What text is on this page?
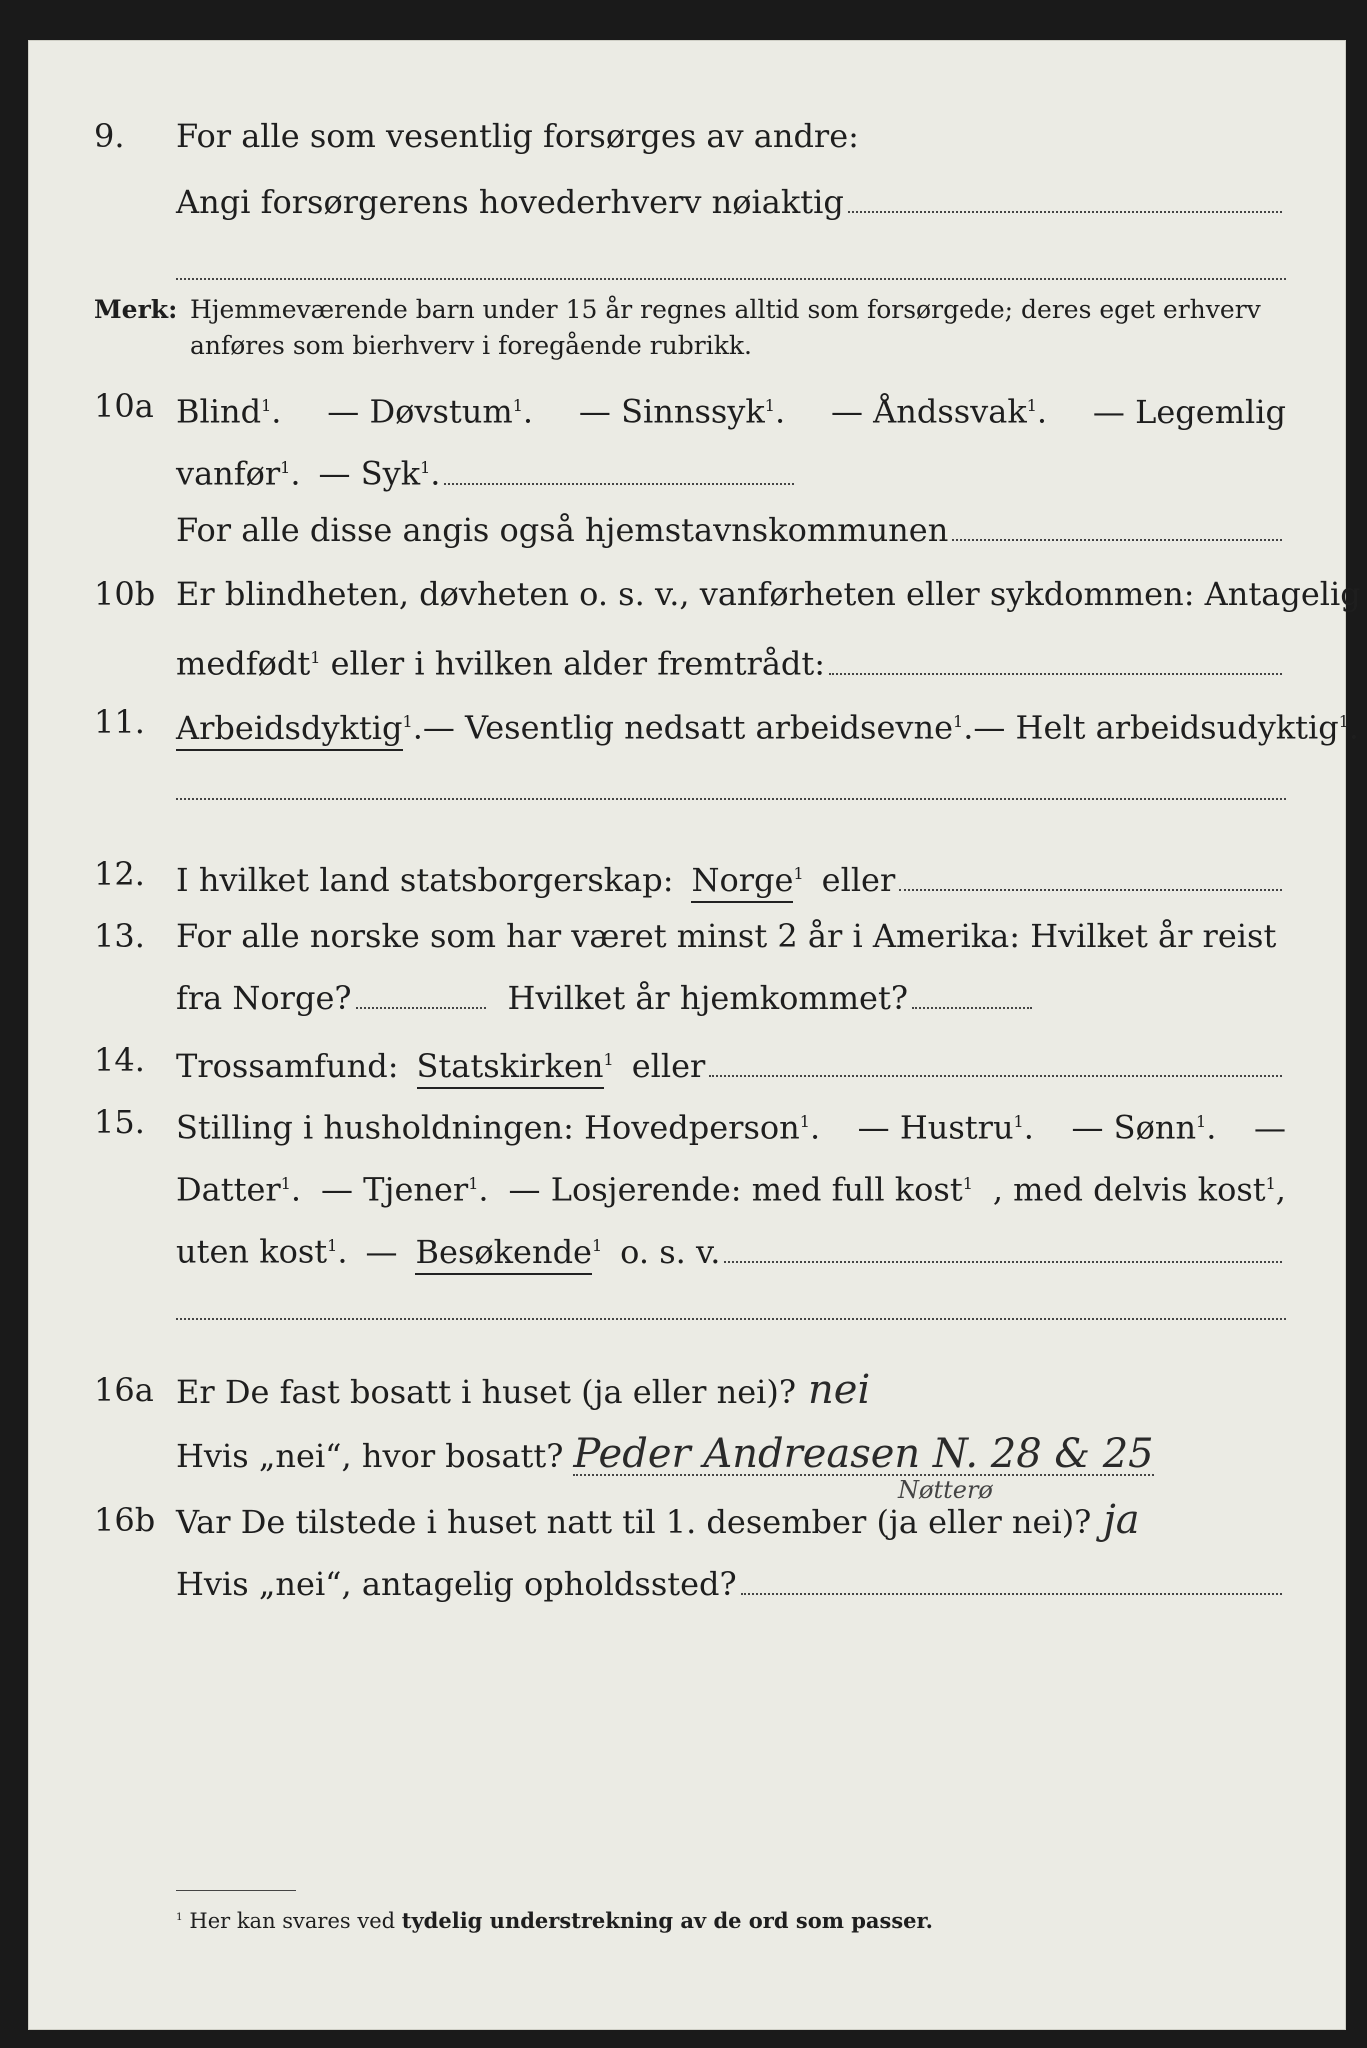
9. For alle som vesentlig forsørges av andre:
Angi forsørgerens hovederhverv nøiaktig
Merk: Hjemmeværende barn under 15 år regnes alltid som forsørgede; deres eget erhverv anføres som bierhverv i foregående rubrikk.
10a Blind$^1$. — Døvstum$^1$. — Sinnssyk$^1$. — Åndssvak$^1$. — Legemlig
vanfør$^1$. — Syk$^1$.
For alle disse angis også hjemstavnskommunen
10b Er blindheten, døvheten o. s. v., vanførheten eller sykdommen: Antagelig
medfødt$^1$ eller i hvilken alder fremtrådt:
11. Arbeidsdyktig$^1$. — Vesentlig nedsatt arbeidsevne$^1$. — Helt arbeidsudyktig$^1$.
12. I hvilket land statsborgerskap: Norge$^1$ eller
13. For alle norske som har været minst 2 år i Amerika: Hvilket år reist
fra Norge?	Hvilket år hjemkommet?
14. Trossamfund: Statskirken$^1$ eller
15. Stilling i husholdningen: Hovedperson$^1$. — Hustru$^1$. — Sønn$^1$. —
Datter$^1$. — Tjener$^1$. — Losjerende: med full kost$^1$ , med delvis kost$^1$,
uten kost$^1$. — Besøkende$^1$ o. s. v.
16a Er De fast bosatt i huset (ja eller nei)? nei
Hvis „nei“, hvor bosatt? Peder Andreasen N. 28 & 25
Nøtterø
16b Var De tilstede i huset natt til 1. desember (ja eller nei)? ja
Hvis „nei“, antagelig opholdssted?
$^1$ Her kan svares ved tydelig understrekning av de ord som passer.
